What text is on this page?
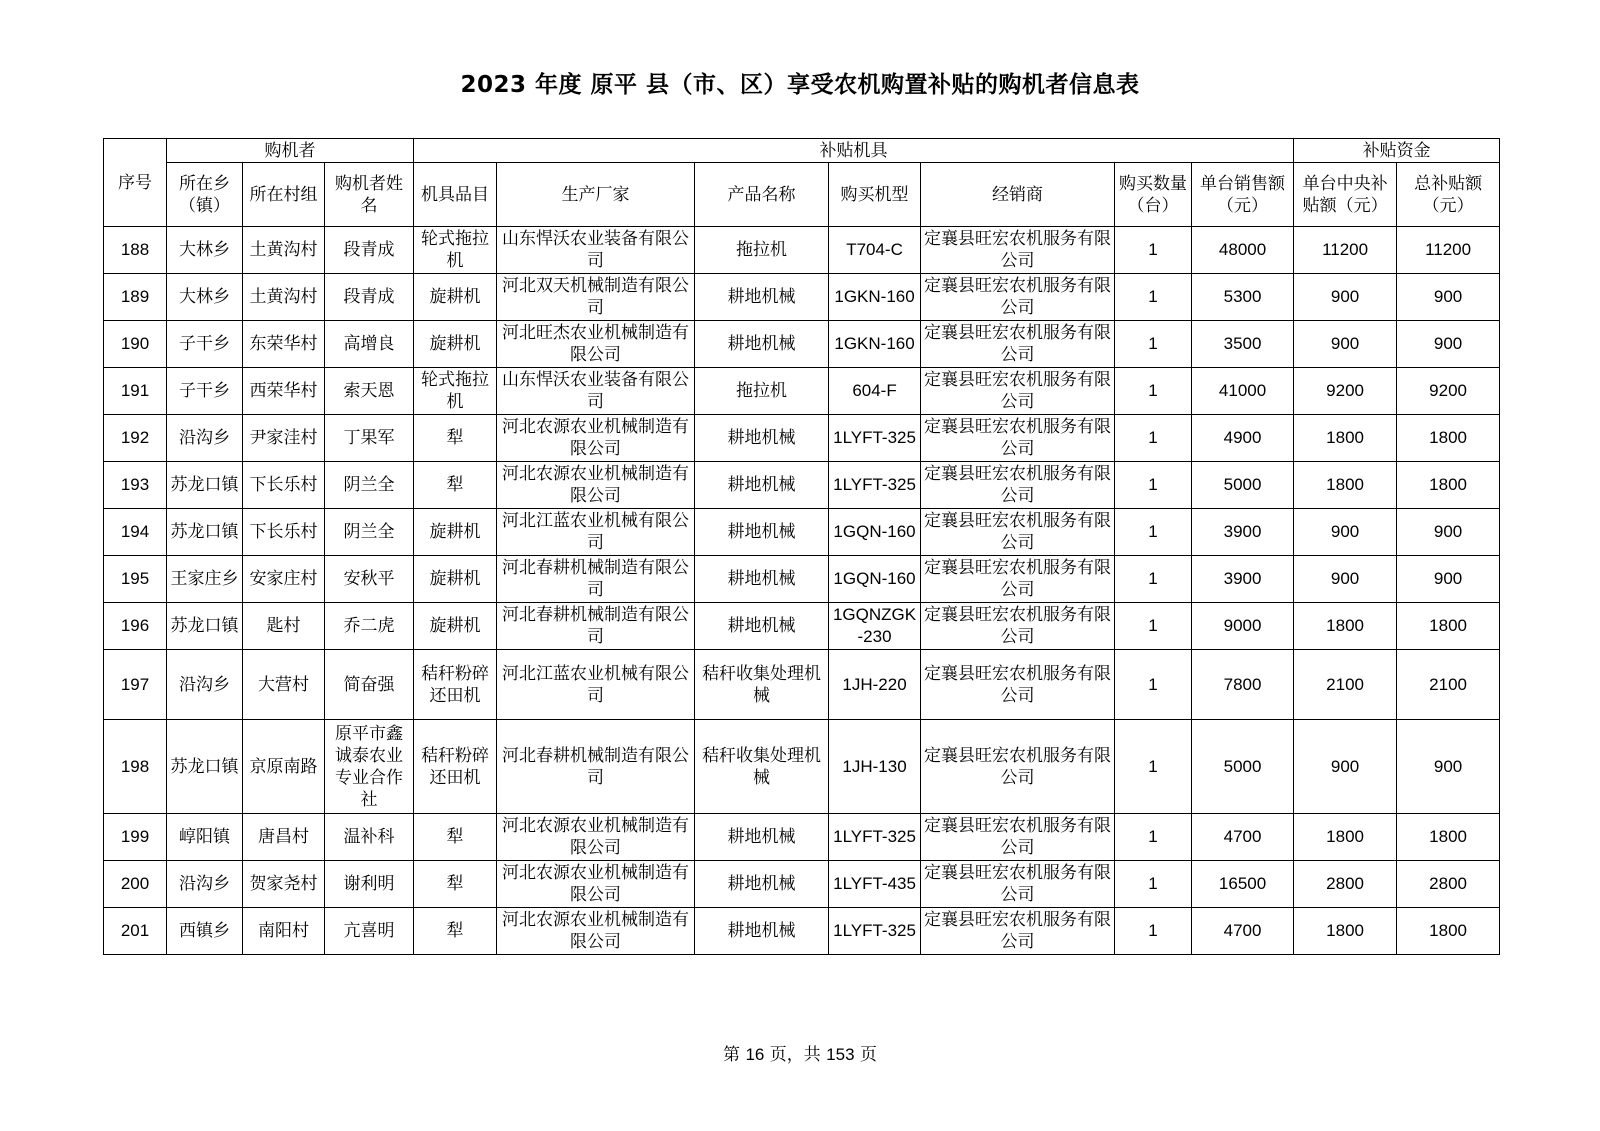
2023 年度 原平 县（市、区）享受农机购置补贴的购机者信息表
序号	购机者			补贴机具							补贴资金	
	所在乡（镇）	所在村组	购机者姓名	机具品目	生产厂家	产品名称	购买机型	经销商	购买数量（台）	单台销售额（元）	单台中央补贴额（元）	总补贴额（元）
188	大林乡	土黄沟村	段青成	轮式拖拉机	山东悍沃农业装备有限公司	拖拉机	T704-C	定襄县旺宏农机服务有限公司	1	48000	11200	11200
189	大林乡	土黄沟村	段青成	旋耕机	河北双天机械制造有限公司	耕地机械	1GKN-160	定襄县旺宏农机服务有限公司	1	5300	900	900
190	子干乡	东荣华村	高增良	旋耕机	河北旺杰农业机械制造有限公司	耕地机械	1GKN-160	定襄县旺宏农机服务有限公司	1	3500	900	900
191	子干乡	西荣华村	索天恩	轮式拖拉机	山东悍沃农业装备有限公司	拖拉机	604-F	定襄县旺宏农机服务有限公司	1	41000	9200	9200
192	沿沟乡	尹家洼村	丁果军	犁	河北农源农业机械制造有限公司	耕地机械	1LYFT-325	定襄县旺宏农机服务有限公司	1	4900	1800	1800
193	苏龙口镇	下长乐村	阴兰全	犁	河北农源农业机械制造有限公司	耕地机械	1LYFT-325	定襄县旺宏农机服务有限公司	1	5000	1800	1800
194	苏龙口镇	下长乐村	阴兰全	旋耕机	河北江蓝农业机械有限公司	耕地机械	1GQN-160	定襄县旺宏农机服务有限公司	1	3900	900	900
195	王家庄乡	安家庄村	安秋平	旋耕机	河北春耕机械制造有限公司	耕地机械	1GQN-160	定襄县旺宏农机服务有限公司	1	3900	900	900
196	苏龙口镇	匙村	乔二虎	旋耕机	河北春耕机械制造有限公司	耕地机械	1GQNZGK-230	定襄县旺宏农机服务有限公司	1	9000	1800	1800
197	沿沟乡	大营村	简奋强	秸秆粉碎还田机	河北江蓝农业机械有限公司	秸秆收集处理机械	1JH-220	定襄县旺宏农机服务有限公司	1	7800	2100	2100
198	苏龙口镇	京原南路	原平市鑫诚泰农业专业合作社	秸秆粉碎还田机	河北春耕机械制造有限公司	秸秆收集处理机械	1JH-130	定襄县旺宏农机服务有限公司	1	5000	900	900
199	崞阳镇	唐昌村	温补科	犁	河北农源农业机械制造有限公司	耕地机械	1LYFT-325	定襄县旺宏农机服务有限公司	1	4700	1800	1800
200	沿沟乡	贺家尧村	谢利明	犁	河北农源农业机械制造有限公司	耕地机械	1LYFT-435	定襄县旺宏农机服务有限公司	1	16500	2800	2800
201	西镇乡	南阳村	亢喜明	犁	河北农源农业机械制造有限公司	耕地机械	1LYFT-325	定襄县旺宏农机服务有限公司	1	4700	1800	1800
第 16 页，共 153 页
